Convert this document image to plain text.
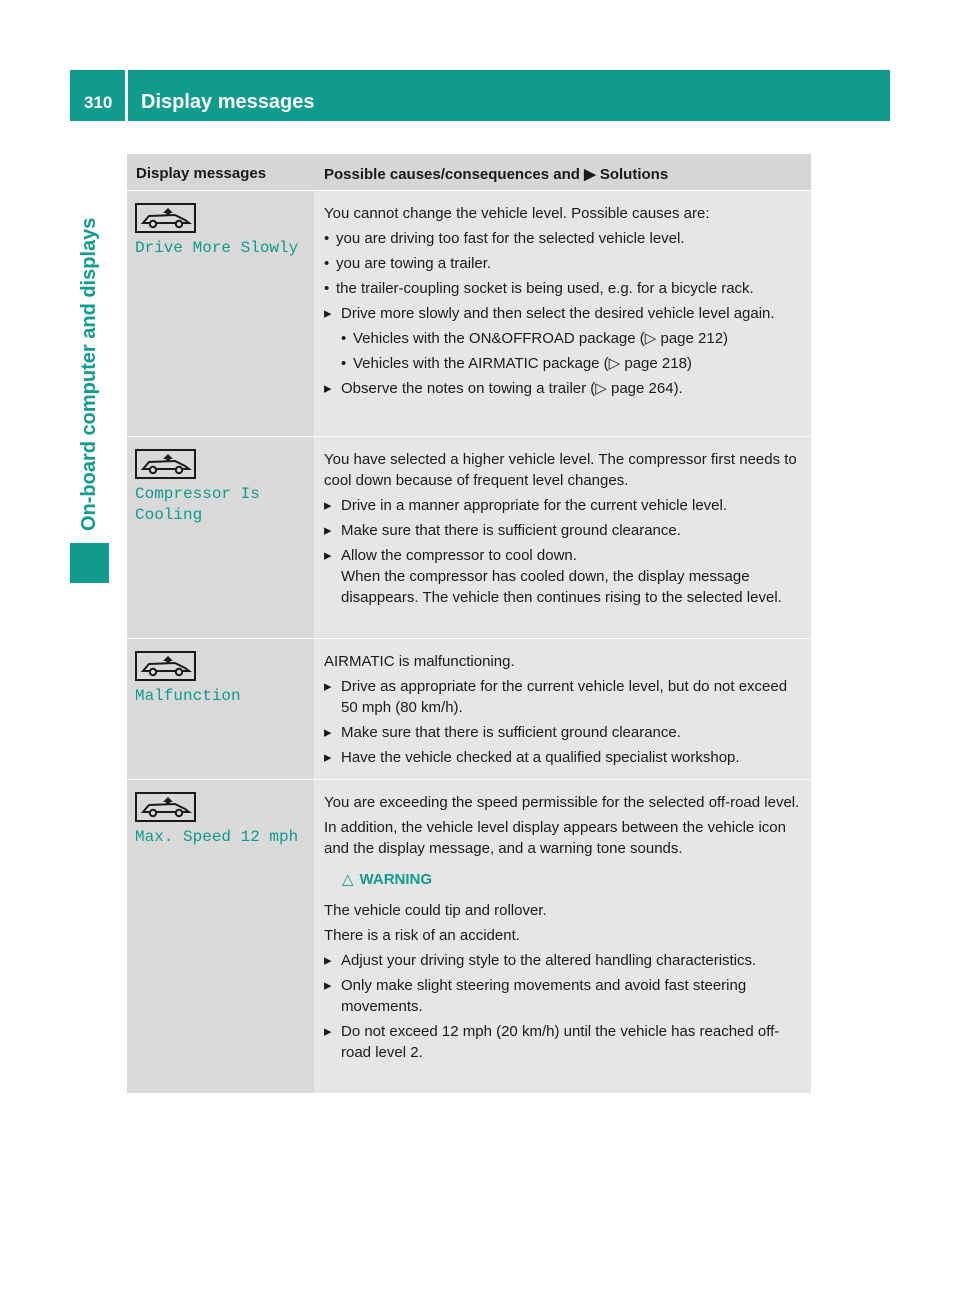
310 Display messages
On-board computer and displays
Display messages	Possible causes/consequences and ▶ Solutions
Drive More Slowly

You cannot change the vehicle level. Possible causes are:

• you are driving too fast for the selected vehicle level.
• you are towing a trailer.
• the trailer-coupling socket is being used, e.g. for a bicycle rack.
▸ Drive more slowly and then select the desired vehicle level again.
• Vehicles with the ON&OFFROAD package (▷ page 212)
• Vehicles with the AIRMATIC package (▷ page 218)
▸ Observe the notes on towing a trailer (▷ page 264).
Compressor Is
Cooling

You have selected a higher vehicle level. The compressor first needs to cool down because of frequent level changes.

▸ Drive in a manner appropriate for the current vehicle level.
▸ Make sure that there is sufficient ground clearance.
▸ Allow the compressor to cool down.
When the compressor has cooled down, the display message disappears. The vehicle then continues rising to the selected level.
Malfunction

AIRMATIC is malfunctioning.

▸ Drive as appropriate for the current vehicle level, but do not exceed 50 mph (80 km/h).
▸ Make sure that there is sufficient ground clearance.
▸ Have the vehicle checked at a qualified specialist workshop.
Max. Speed 12 mph

You are exceeding the speed permissible for the selected off-road level.

In addition, the vehicle level display appears between the vehicle icon and the display message, and a warning tone sounds.

△ WARNING

The vehicle could tip and rollover.

There is a risk of an accident.

▸ Adjust your driving style to the altered handling characteristics.
▸ Only make slight steering movements and avoid fast steering movements.
▸ Do not exceed 12 mph (20 km/h) until the vehicle has reached off-road level 2.
